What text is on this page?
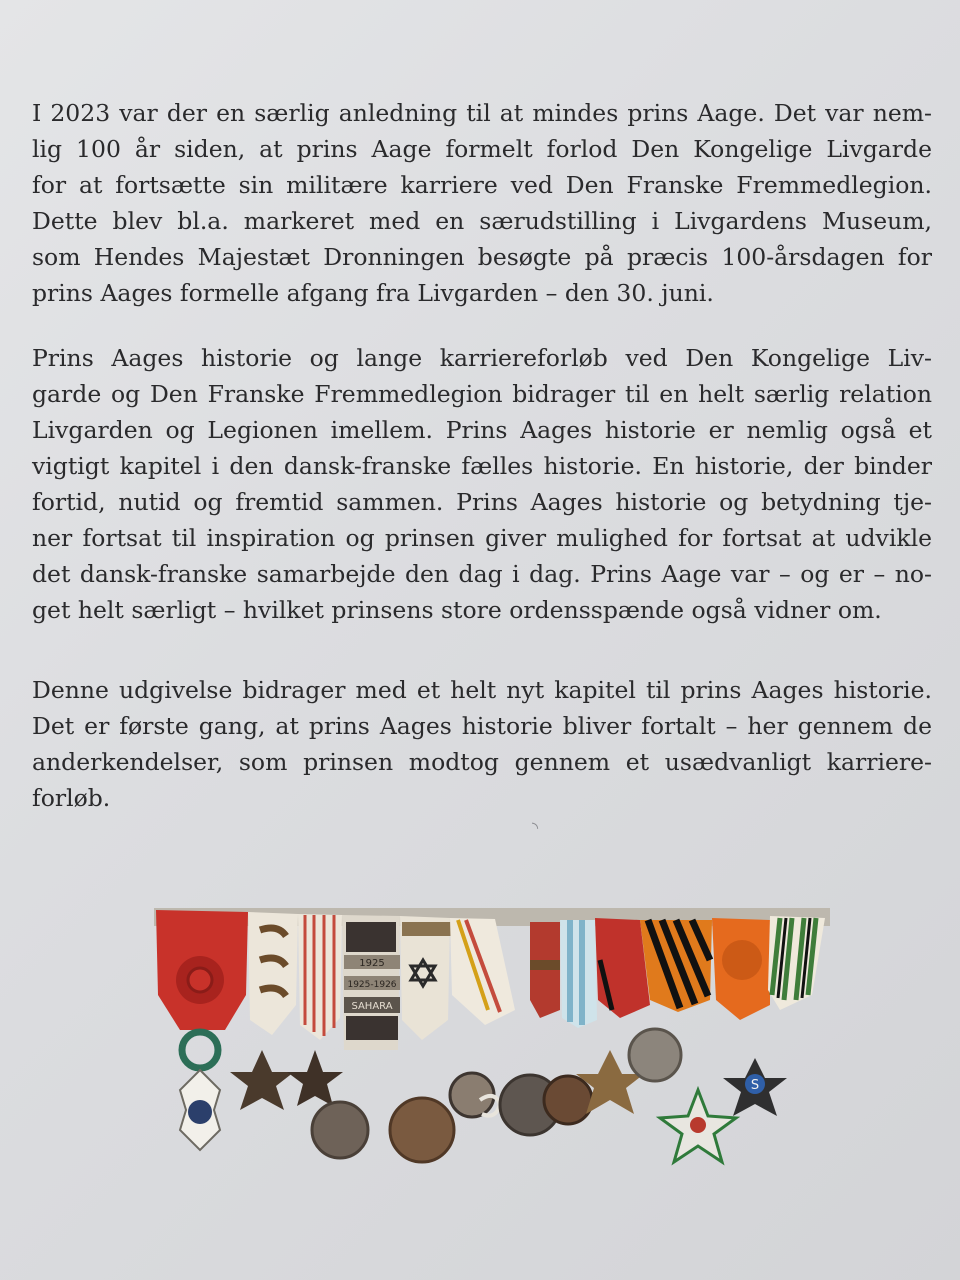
I 2023 var der en særlig anledning til at mindes prins Aage. Det var nem-
lig 100 år siden, at prins Aage formelt forlod Den Kongelige Livgarde
for at fortsætte sin militære karriere ved Den Franske Fremmedlegion.
Dette blev bl.a. markeret med en særudstilling i Livgardens Museum,
som Hendes Majestæt Dronningen besøgte på præcis 100-årsdagen for
prins Aages formelle afgang fra Livgarden – den 30. juni.

Prins Aages historie og lange karriereforløb ved Den Kongelige Liv-
garde og Den Franske Fremmedlegion bidrager til en helt særlig relation
Livgarden og Legionen imellem. Prins Aages historie er nemlig også et
vigtigt kapitel i den dansk-franske fælles historie. En historie, der binder
fortid, nutid og fremtid sammen. Prins Aages historie og betydning tje-
ner fortsat til inspiration og prinsen giver mulighed for fortsat at udvikle
det dansk-franske samarbejde den dag i dag. Prins Aage var – og er – no-
get helt særligt – hvilket prinsens store ordensspænde også vidner om.

Denne udgivelse bidrager med et helt nyt kapitel til prins Aages historie.
Det er første gang, at prins Aages historie bliver fortalt – her gennem de
anderkendelser, som prinsen modtog gennem et usædvanligt karriere-
forløb.

◝
1925
1925-1926
SAHARA
S
